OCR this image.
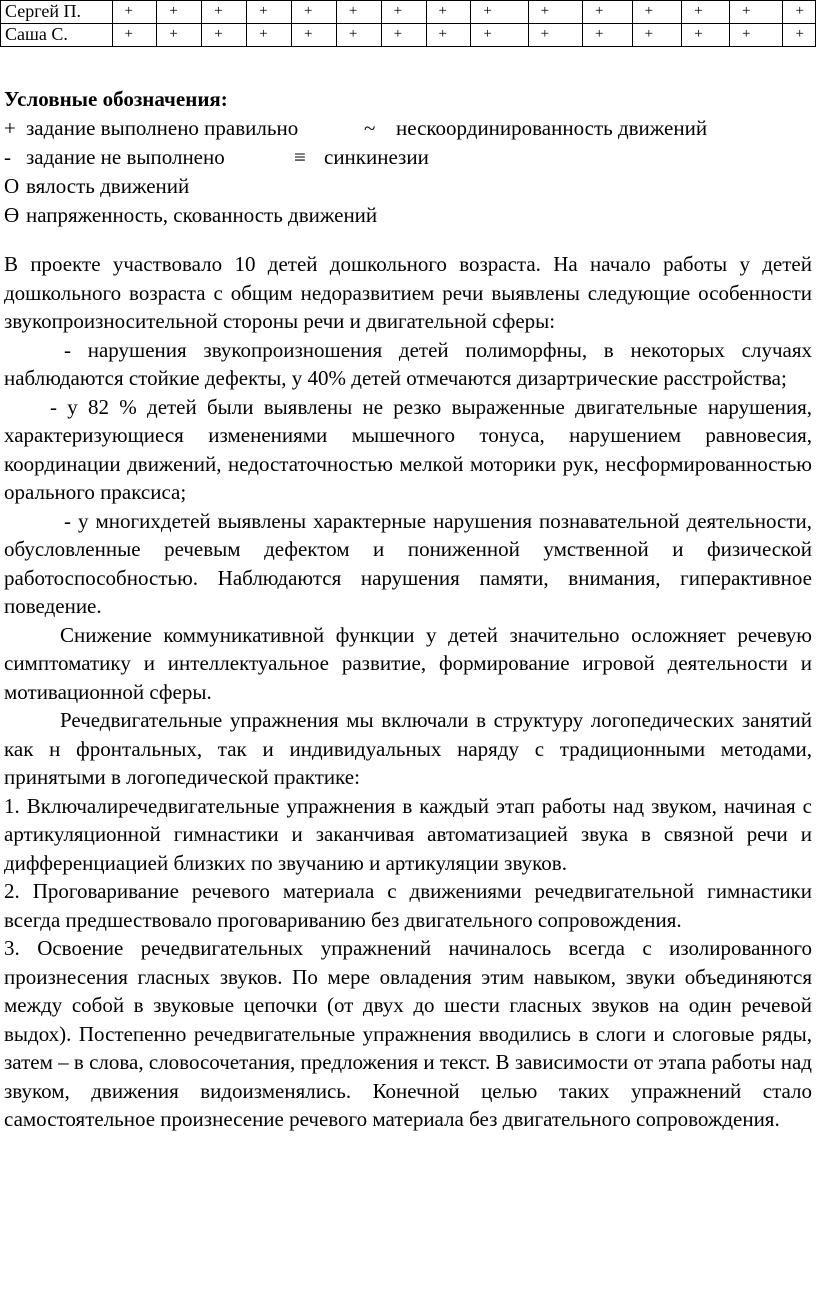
Сергей П.	+	+	+	+	+	+	+	+	+	+	+	+	+	+	+
Саша С.	+	+	+	+	+	+	+	+	+	+	+	+	+	+	+
Условные обозначения:
+ задание выполнено правильно	~ нескоординированность движений
- задание не выполнено	≡ синкинезии
О вялость движений
Ө напряженность, скованность движений

В проекте участвовало 10 детей дошкольного возраста. На начало работы у детей дошкольного возраста с общим недоразвитием речи выявлены следующие особенности звукопроизносительной стороны речи и двигательной сферы:

- нарушения звукопроизношения детей полиморфны, в некоторых случаях наблюдаются стойкие дефекты, у 40% детей отмечаются дизартрические расстройства;

- у 82 % детей были выявлены не резко выраженные двигательные нарушения, характеризующиеся изменениями мышечного тонуса, нарушением равновесия, координации движений, недостаточностью мелкой моторики рук, несформированностью орального праксиса;

- у многихдетей выявлены характерные нарушения познавательной деятельности, обусловленные речевым дефектом и пониженной умственной и физической работоспособностью. Наблюдаются нарушения памяти, внимания, гиперактивное поведение.

Снижение коммуникативной функции у детей значительно осложняет речевую симптоматику и интеллектуальное развитие, формирование игровой деятельности и мотивационной сферы.

Речедвигательные упражнения мы включали в структуру логопедических занятий как н фронтальных, так и индивидуальных наряду с традиционными методами, принятыми в логопедической практике:

1. Включалиречедвигательные упражнения в каждый этап работы над звуком, начиная с артикуляционной гимнастики и заканчивая автоматизацией звука в связной речи и дифференциацией близких по звучанию и артикуляции звуков.

2. Проговаривание речевого материала с движениями речедвигательной гимнастики всегда предшествовало проговариванию без двигательного сопровождения.

3. Освоение речедвигательных упражнений начиналось всегда с изолированного произнесения гласных звуков. По мере овладения этим навыком, звуки объединяются между собой в звуковые цепочки (от двух до шести гласных звуков на один речевой выдох). Постепенно речедвигательные упражнения вводились в слоги и слоговые ряды, затем – в слова, словосочетания, предложения и текст. В зависимости от этапа работы над звуком, движения видоизменялись. Конечной целью таких упражнений стало самостоятельное произнесение речевого материала без двигательного сопровождения.
